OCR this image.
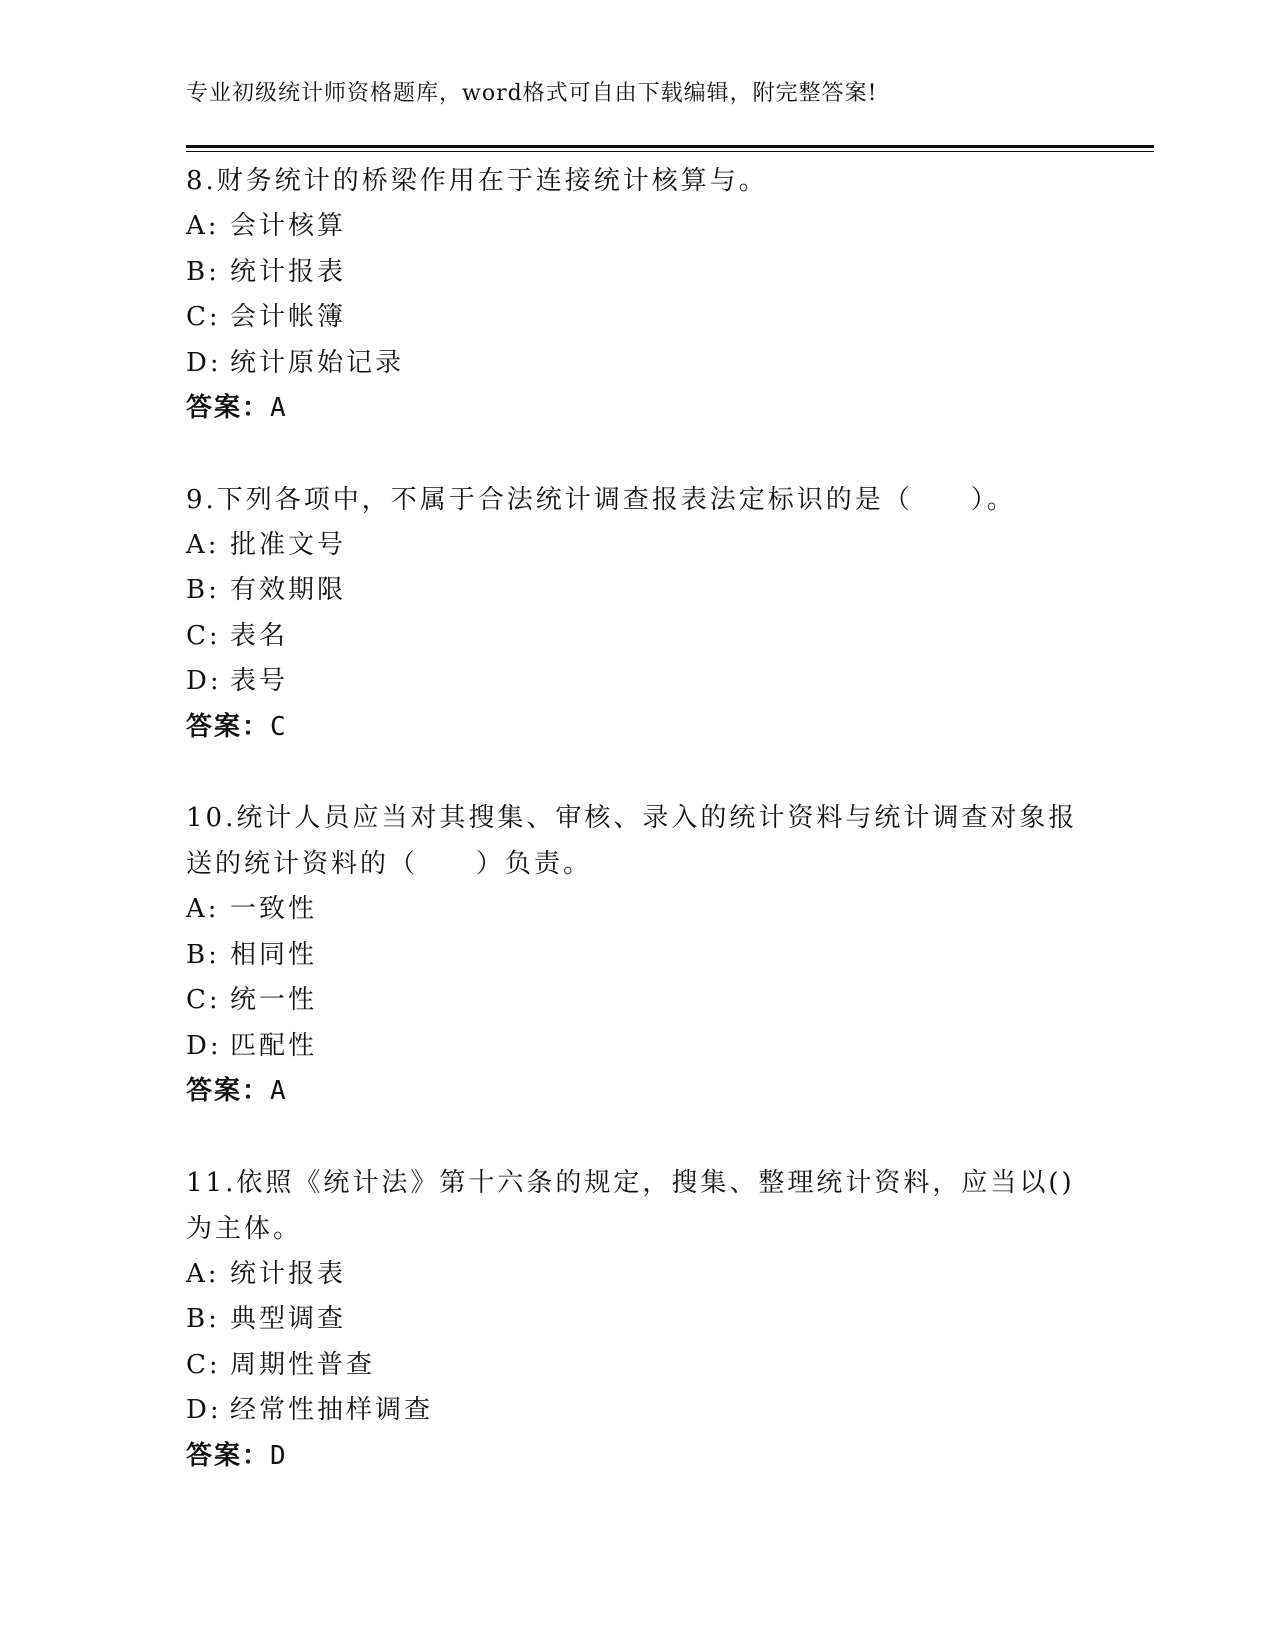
专业初级统计师资格题库，word格式可自由下载编辑，附完整答案!

8.财务统计的桥梁作用在于连接统计核算与。

A: 会计核算
B: 统计报表
C: 会计帐簿
D: 统计原始记录
答案：A

9.下列各项中，不属于合法统计调查报表法定标识的是（　　）。

A: 批准文号
B: 有效期限
C: 表名
D: 表号
答案：C

10.统计人员应当对其搜集、审核、录入的统计资料与统计调查对象报送的统计资料的（　　）负责。

A: 一致性
B: 相同性
C: 统一性
D: 匹配性
答案：A

11.依照《统计法》第十六条的规定，搜集、整理统计资料，应当以()为主体。

A: 统计报表
B: 典型调查
C: 周期性普查
D: 经常性抽样调查
答案：D
